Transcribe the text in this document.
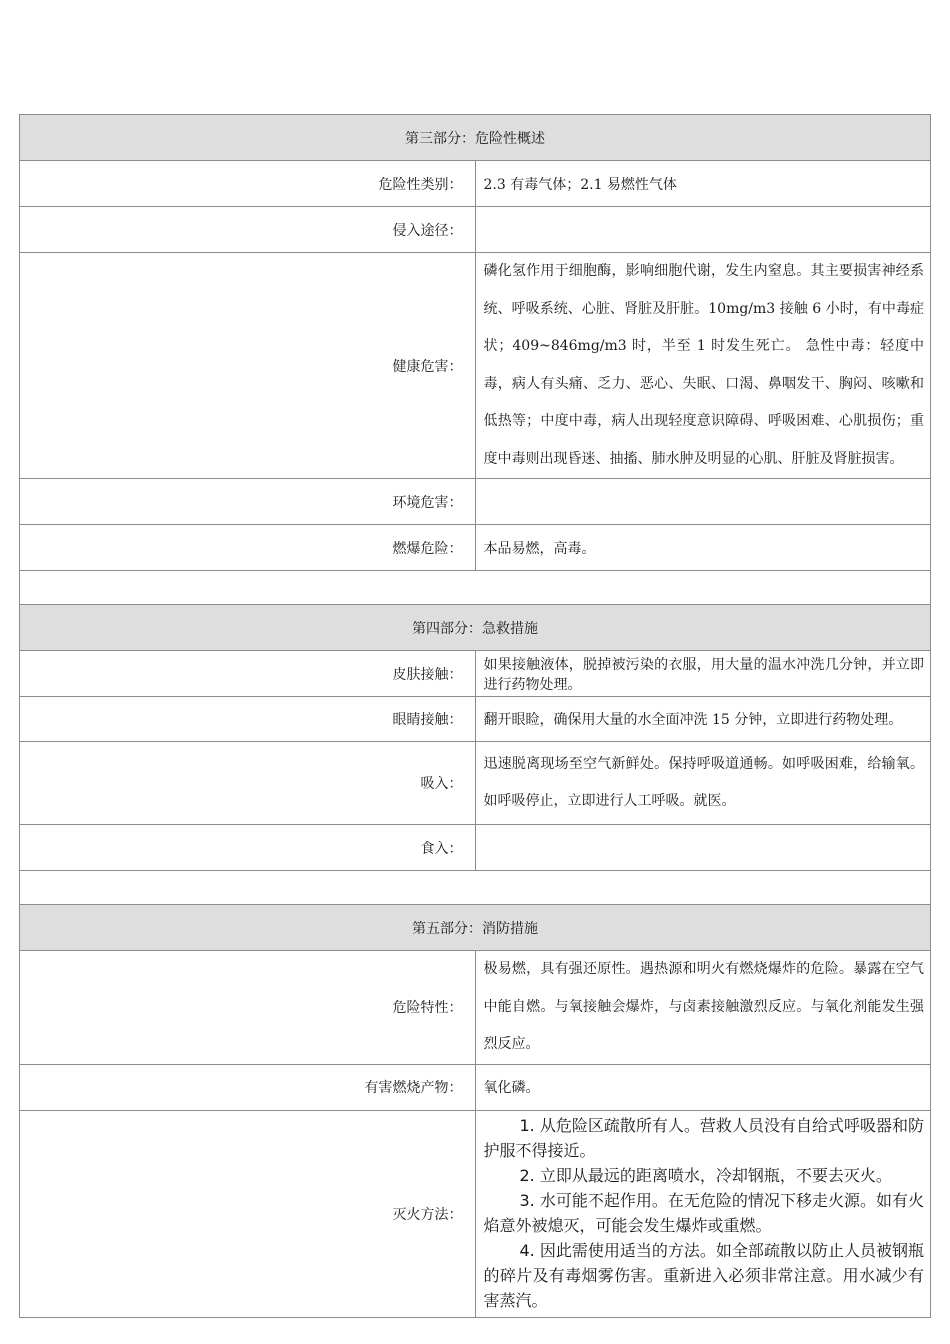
第三部分：危险性概述	
危险性类别：	2.3 有毒气体；2.1 易燃性气体
侵入途径：	
健康危害：	磷化氢作用于细胞酶，影响细胞代谢，发生内窒息。其主要损害神经系统、呼吸系统、心脏、肾脏及肝脏。10mg/m3 接触 6 小时，有中毒症状；409~846mg/m3 时，半至 1 时发生死亡。 急性中毒：轻度中毒，病人有头痛、乏力、恶心、失眠、口渴、鼻咽发干、胸闷、咳嗽和低热等；中度中毒，病人出现轻度意识障碍、呼吸困难、心肌损伤；重度中毒则出现昏迷、抽搐、肺水肿及明显的心肌、肝脏及肾脏损害。
环境危害：	
燃爆危险：	本品易燃，高毒。

第四部分：急救措施	
皮肤接触：	如果接触液体，脱掉被污染的衣服，用大量的温水冲洗几分钟，并立即进行药物处理。
眼睛接触：	翻开眼睑，确保用大量的水全面冲洗 15 分钟，立即进行药物处理。
吸入：	迅速脱离现场至空气新鲜处。保持呼吸道通畅。如呼吸困难，给输氧。如呼吸停止，立即进行人工呼吸。就医。
食入：	

第五部分：消防措施	
危险特性：	极易燃，具有强还原性。遇热源和明火有燃烧爆炸的危险。暴露在空气中能自燃。与氧接触会爆炸，与卤素接触激烈反应。与氧化剂能发生强烈反应。
有害燃烧产物：	氧化磷。
灭火方法：	1. 从危险区疏散所有人。营救人员没有自给式呼吸器和防护服不得接近。

2. 立即从最远的距离喷水，冷却钢瓶，不要去灭火。

3. 水可能不起作用。在无危险的情况下移走火源。如有火焰意外被熄灭，可能会发生爆炸或重燃。

4. 因此需使用适当的方法。如全部疏散以防止人员被钢瓶的碎片及有毒烟雾伤害。重新进入必须非常注意。用水减少有害蒸汽。
